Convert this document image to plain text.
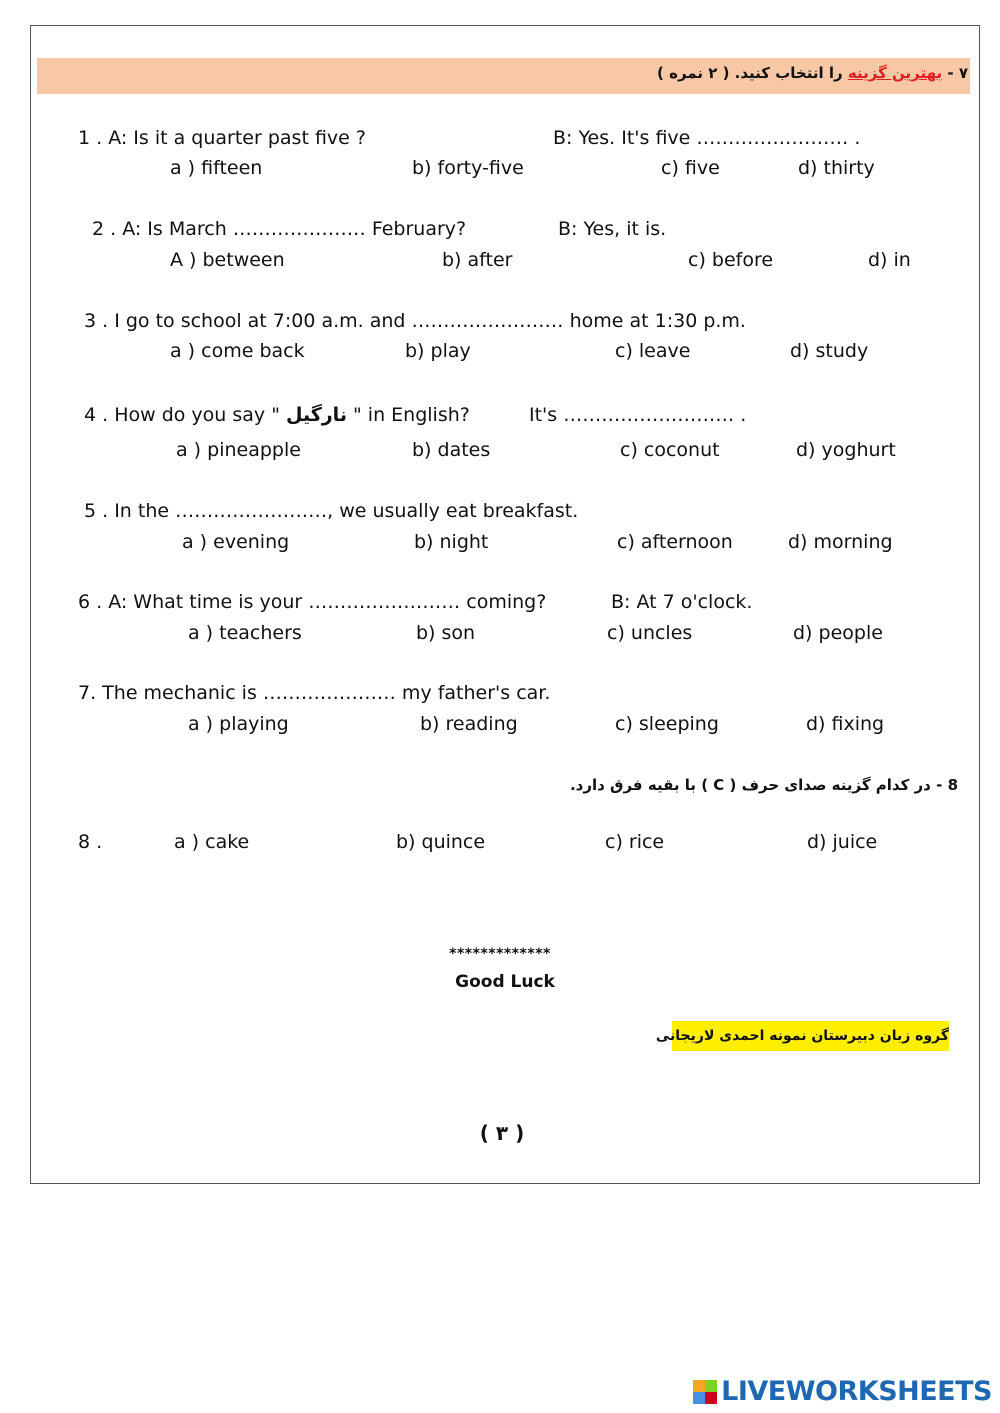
۷ - بهترین گزینه را انتخاب کنید. ( ۲ نمره )
1 . A: Is it a quarter past five ?	B: Yes. It's five …………………… .
a ) fifteen	b) forty-five	c) five	d) thirty
2 . A: Is March ………………… February?	B: Yes, it is.
A ) between	b) after	c) before	d) in
3 . I go to school at 7:00 a.m. and …………………… home at 1:30 p.m.
a ) come back	b) play	c) leave	d) study
4 . How do you say " نارگیل " in English?	It's ……………………… .
a ) pineapple	b) dates	c) coconut	d) yoghurt
5 . In the ……………………, we usually eat breakfast.
a ) evening	b) night	c) afternoon	d) morning
6 . A: What time is your …………………… coming?	B: At 7 o'clock.
a ) teachers	b) son	c) uncles	d) people
7. The mechanic is ………………… my father's car.
a ) playing	b) reading	c) sleeping	d) fixing
8 - در کدام گزینه صدای حرف ( C ) با بقیه فرق دارد.
8 .	a ) cake	b) quince	c) rice	d) juice
*************
Good Luck
گروه زبان دبیرستان نمونه احمدی لاریجانی
( ۳ )
LIVEWORKSHEETS
